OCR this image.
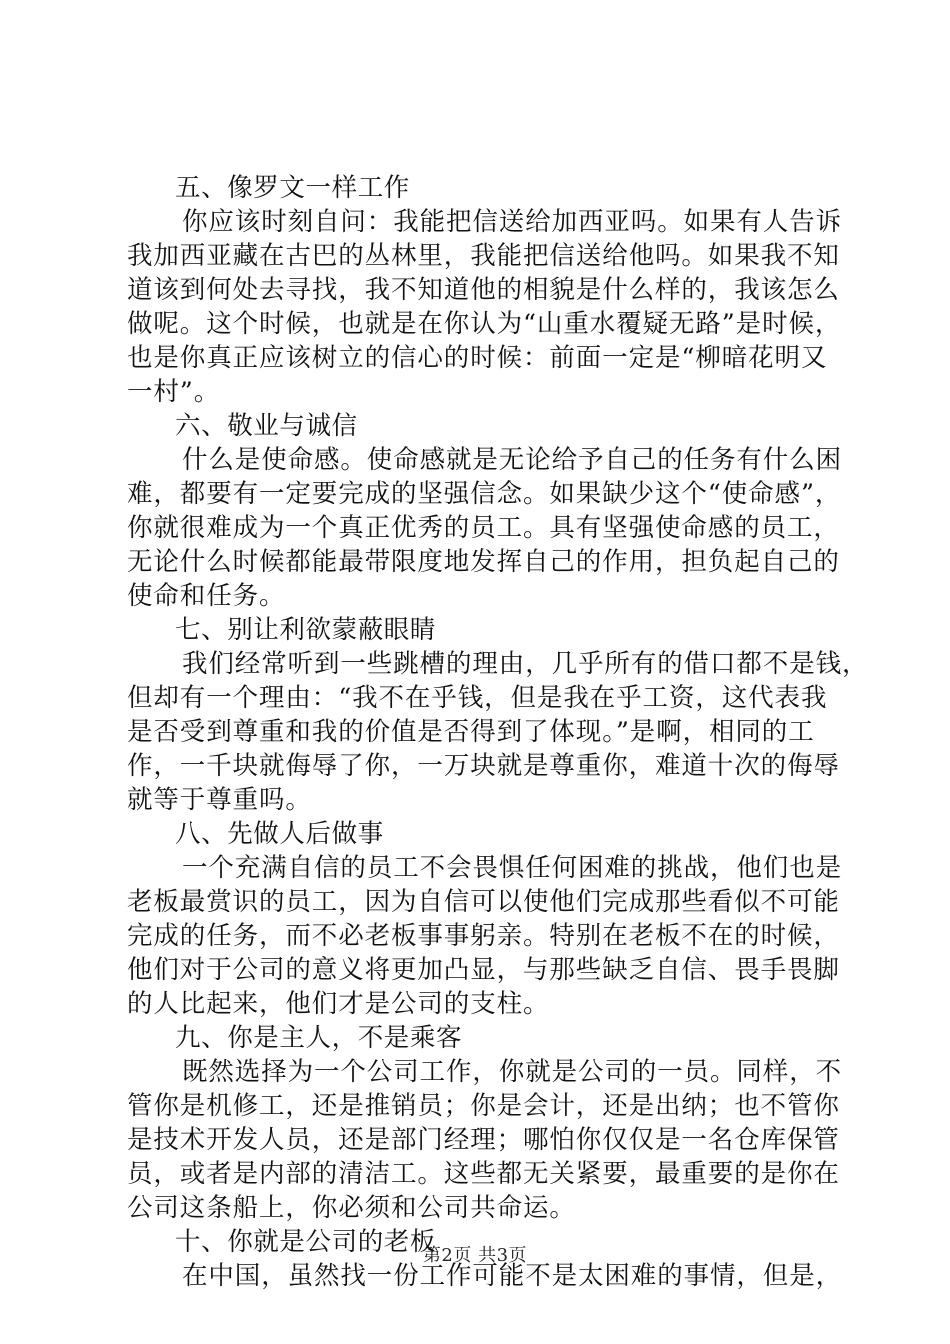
五、像罗文一样工作
你应该时刻自问：我能把信送给加西亚吗。如果有人告诉
我加西亚藏在古巴的丛林里，我能把信送给他吗。如果我不知
道该到何处去寻找，我不知道他的相貌是什么样的，我该怎么
做呢。这个时候，也就是在你认为“山重水覆疑无路”是时候，
也是你真正应该树立的信心的时候：前面一定是“柳暗花明又
一村”。
六、敬业与诚信
什么是使命感。使命感就是无论给予自己的任务有什么困
难，都要有一定要完成的坚强信念。如果缺少这个“使命感”，
你就很难成为一个真正优秀的员工。具有坚强使命感的员工，
无论什么时候都能最带限度地发挥自己的作用，担负起自己的
使命和任务。
七、别让利欲蒙蔽眼睛
我们经常听到一些跳槽的理由，几乎所有的借口都不是钱，
但却有一个理由：“我不在乎钱，但是我在乎工资，这代表我
是否受到尊重和我的价值是否得到了体现。”是啊，相同的工
作，一千块就侮辱了你，一万块就是尊重你，难道十次的侮辱
就等于尊重吗。
八、先做人后做事
一个充满自信的员工不会畏惧任何困难的挑战，他们也是
老板最赏识的员工，因为自信可以使他们完成那些看似不可能
完成的任务，而不必老板事事躬亲。特别在老板不在的时候，
他们对于公司的意义将更加凸显，与那些缺乏自信、畏手畏脚
的人比起来，他们才是公司的支柱。
九、你是主人，不是乘客
既然选择为一个公司工作，你就是公司的一员。同样，不
管你是机修工，还是推销员；你是会计，还是出纳；也不管你
是技术开发人员，还是部门经理；哪怕你仅仅是一名仓库保管
员，或者是内部的清洁工。这些都无关紧要，最重要的是你在
公司这条船上，你必须和公司共命运。
十、你就是公司的老板
在中国，虽然找一份工作可能不是太困难的事情，但是，
第2页 共3页
